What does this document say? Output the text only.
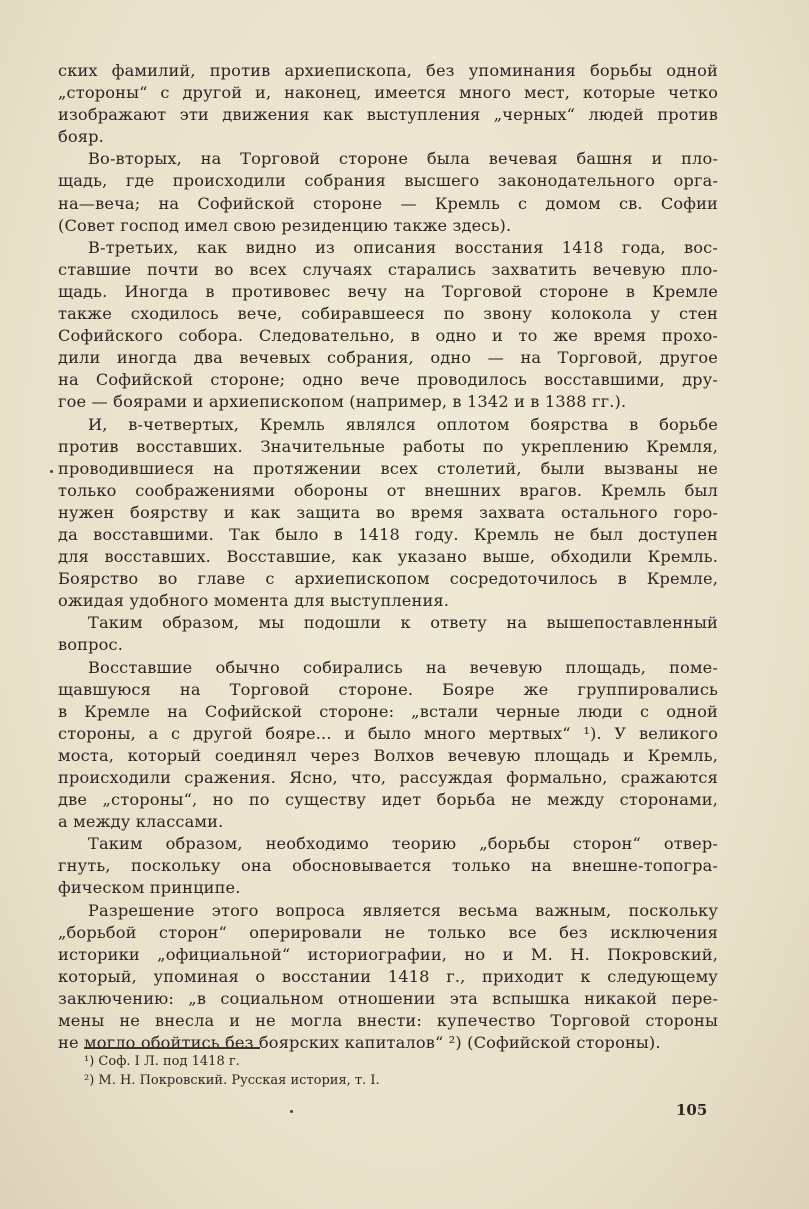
ских фамилий, против архиепископа, без упоминания борьбы одной
„стороны“ с другой и, наконец, имеется много мест, которые четко
изображают эти движения как выступления „черных“ людей против
бояр.
Во-вторых, на Торговой стороне была вечевая башня и пло-
щадь, где происходили собрания высшего законодательного орга-
на—веча; на Софийской стороне — Кремль с домом св. Софии
(Совет господ имел свою резиденцию также здесь).
В-третьих, как видно из описания восстания 1418 года, вос-
ставшие почти во всех случаях старались захватить вечевую пло-
щадь. Иногда в противовес вечу на Торговой стороне в Кремле
также сходилось вече, собиравшееся по звону колокола у стен
Софийского собора. Следовательно, в одно и то же время прохо-
дили иногда два вечевых собрания, одно — на Торговой, другое
на Софийской стороне; одно вече проводилось восставшими, дру-
гое — боярами и архиепископом (например, в 1342 и в 1388 гг.).
И, в-четвертых, Кремль являлся оплотом боярства в борьбе
против восставших. Значительные работы по укреплению Кремля,
проводившиеся на протяжении всех столетий, были вызваны не
только соображениями обороны от внешних врагов. Кремль был
нужен боярству и как защита во время захвата остального горо-
да восставшими. Так было в 1418 году. Кремль не был доступен
для восставших. Восставшие, как указано выше, обходили Кремль.
Боярство во главе с архиепископом сосредоточилось в Кремле,
ожидая удобного момента для выступления.
Таким образом, мы подошли к ответу на вышепоставленный
вопрос.
Восставшие обычно собирались на вечевую площадь, поме-
щавшуюся на Торговой стороне. Бояре же группировались
в Кремле на Софийской стороне: „встали черные люди с одной
стороны, а с другой бояре... и было много мертвых“ ¹). У великого
моста, который соединял через Волхов вечевую площадь и Кремль,
происходили сражения. Ясно, что, рассуждая формально, сражаются
две „стороны“, но по существу идет борьба не между сторонами,
а между классами.
Таким образом, необходимо теорию „борьбы сторон“ отвер-
гнуть, поскольку она обосновывается только на внешне-топогра-
фическом принципе.
Разрешение этого вопроса является весьма важным, поскольку
„борьбой сторон“ оперировали не только все без исключения
историки „официальной“ историографии, но и М. Н. Покровский,
который, упоминая о восстании 1418 г., приходит к следующему
заключению: „в социальном отношении эта вспышка никакой пере-
мены не внесла и не могла внести: купечество Торговой стороны
не могло обойтись без боярских капиталов“ ²) (Софийской стороны).
¹) Соф. I Л. под 1418 г.
²) М. Н. Покровский. Русская история, т. I.
105
